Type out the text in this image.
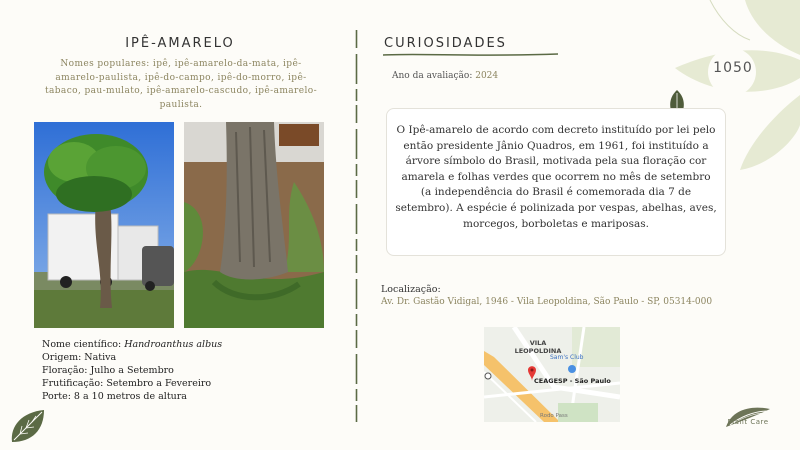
1050
IPÊ-AMARELO
Nomes populares: ipê, ipê-amarelo-da-mata, ipê-amarelo-paulista, ipê-do-campo, ipê-do-morro, ipê-tabaco, pau-mulato, ipê-amarelo-cascudo, ipê-amarelo-paulista.
Nome científico: Handroanthus albus
Origem: Nativa
Floração: Julho a Setembro
Frutificação: Setembro a Fevereiro
Porte: 8 a 10 metros de altura
CURIOSIDADES
Ano da avaliação: 2024
O Ipê-amarelo de acordo com decreto instituído por lei pelo então presidente Jânio Quadros, em 1961, foi instituído a árvore símbolo do Brasil, motivada pela sua floração cor amarela e folhas verdes que ocorrem no mês de setembro (a independência do Brasil é comemorada dia 7 de setembro). A espécie é polinizada por vespas, abelhas, aves, morcegos, borboletas e mariposas.
Localização:
Av. Dr. Gastão Vidigal, 1946 - Vila Leopoldina, São Paulo - SP, 05314-000
VILA LEOPOLDINA
Sam's Club
CEAGESP - São Paulo
Rodo Pass
Plant Care
